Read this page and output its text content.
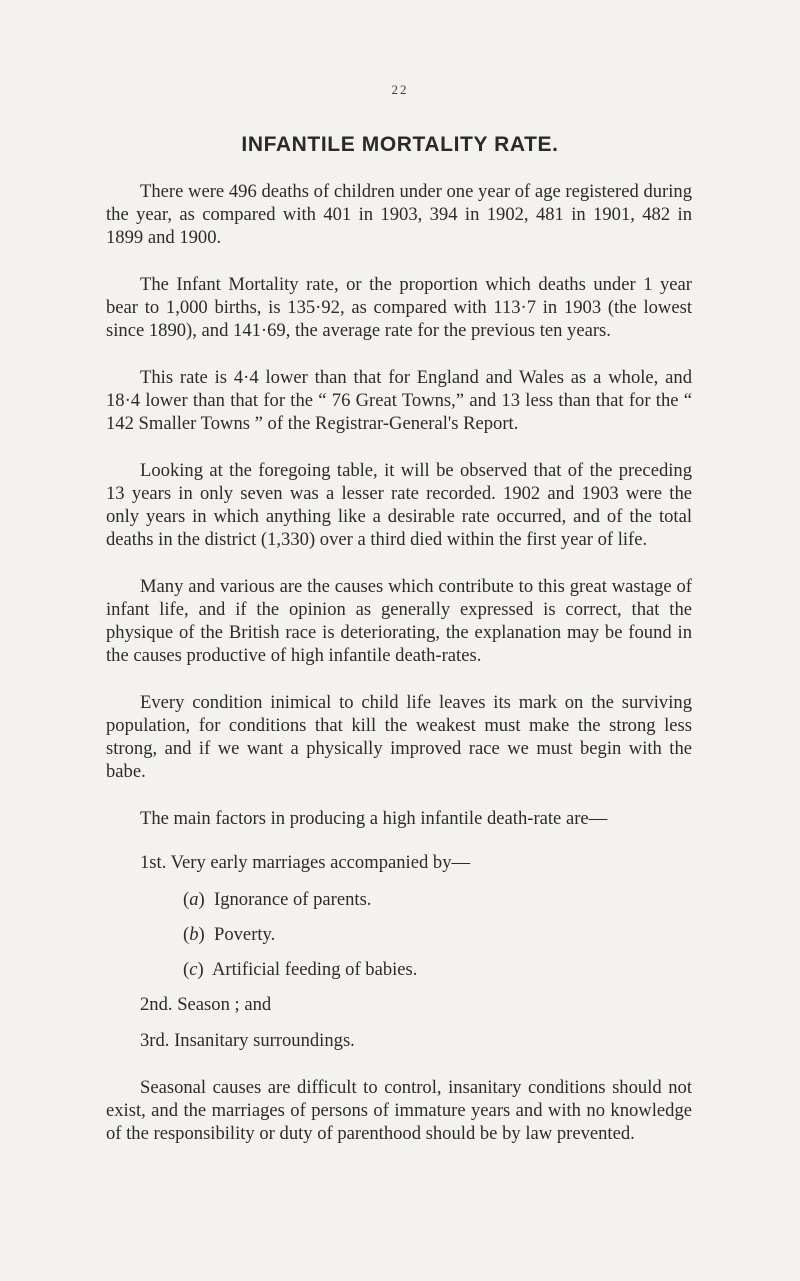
22
INFANTILE MORTALITY RATE.

There were 496 deaths of children under one year of age registered during the year, as compared with 401 in 1903, 394 in 1902, 481 in 1901, 482 in 1899 and 1900.

The Infant Mortality rate, or the proportion which deaths under 1 year bear to 1,000 births, is 135·92, as compared with 113·7 in 1903 (the lowest since 1890), and 141·69, the average rate for the previous ten years.

This rate is 4·4 lower than that for England and Wales as a whole, and 18·4 lower than that for the “ 76 Great Towns,” and 13 less than that for the “ 142 Smaller Towns ” of the Registrar-General's Report.

Looking at the foregoing table, it will be observed that of the preceding 13 years in only seven was a lesser rate recorded. 1902 and 1903 were the only years in which anything like a desirable rate occurred, and of the total deaths in the district (1,330) over a third died within the first year of life.

Many and various are the causes which contribute to this great wastage of infant life, and if the opinion as generally expressed is correct, that the physique of the British race is deteriorating, the explanation may be found in the causes productive of high infantile death-rates.

Every condition inimical to child life leaves its mark on the surviving population, for conditions that kill the weakest must make the strong less strong, and if we want a physically improved race we must begin with the babe.

The main factors in producing a high infantile death-rate are—

1st. Very early marriages accompanied by—

(a) Ignorance of parents.

(b) Poverty.

(c) Artificial feeding of babies.

2nd. Season ; and

3rd. Insanitary surroundings.

Seasonal causes are difficult to control, insanitary conditions should not exist, and the marriages of persons of immature years and with no knowledge of the responsibility or duty of parenthood should be by law prevented.
